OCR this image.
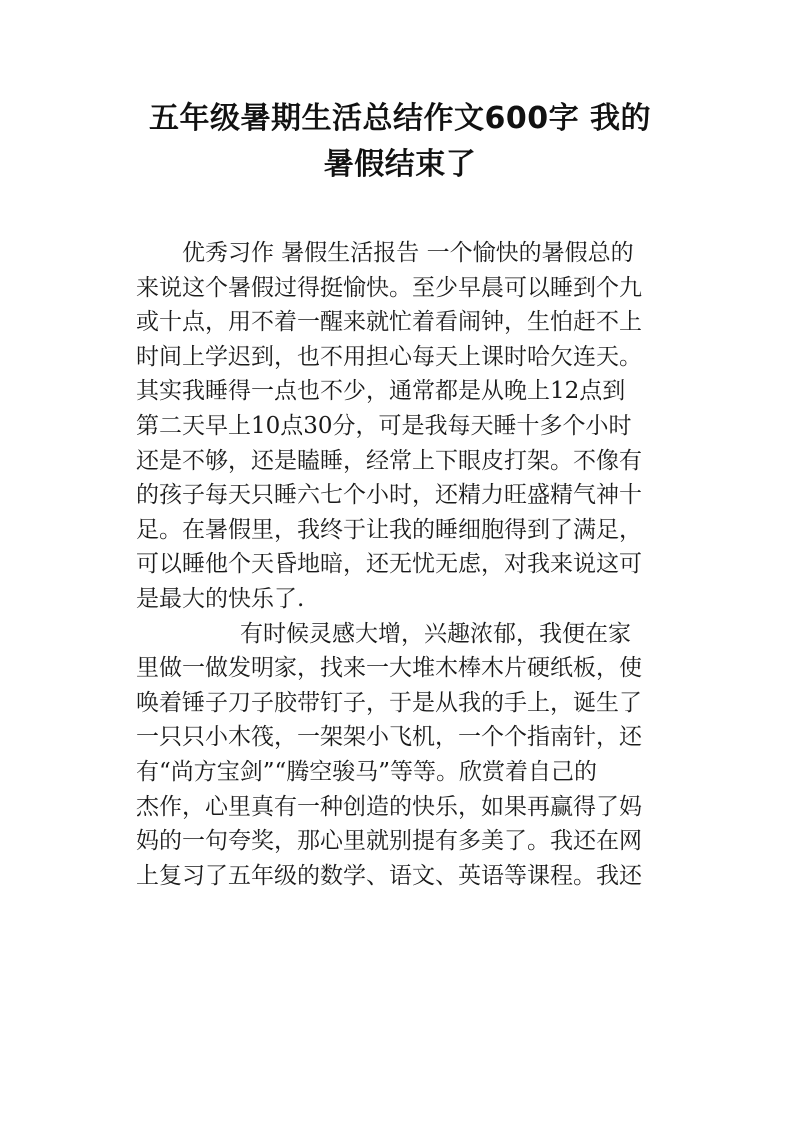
五年级暑期生活总结作文600字 我的
暑假结束了
优秀习作 暑假生活报告 一个愉快的暑假总的
来说这个暑假过得挺愉快。至少早晨可以睡到个九
或十点，用不着一醒来就忙着看闹钟，生怕赶不上
时间上学迟到，也不用担心每天上课时哈欠连天。
其实我睡得一点也不少，通常都是从晚上12点到
第二天早上10点30分，可是我每天睡十多个小时
还是不够，还是瞌睡，经常上下眼皮打架。不像有
的孩子每天只睡六七个小时，还精力旺盛精气神十
足。在暑假里，我终于让我的睡细胞得到了满足，
可以睡他个天昏地暗，还无忧无虑，对我来说这可
是最大的快乐了.
有时候灵感大增，兴趣浓郁，我便在家
里做一做发明家，找来一大堆木棒木片硬纸板，使
唤着锤子刀子胶带钉子，于是从我的手上，诞生了
一只只小木筏，一架架小飞机，一个个指南针，还
有“尚方宝剑”“腾空骏马”等等。欣赏着自己的
杰作，心里真有一种创造的快乐，如果再赢得了妈
妈的一句夸奖，那心里就别提有多美了。我还在网
上复习了五年级的数学、语文、英语等课程。我还
